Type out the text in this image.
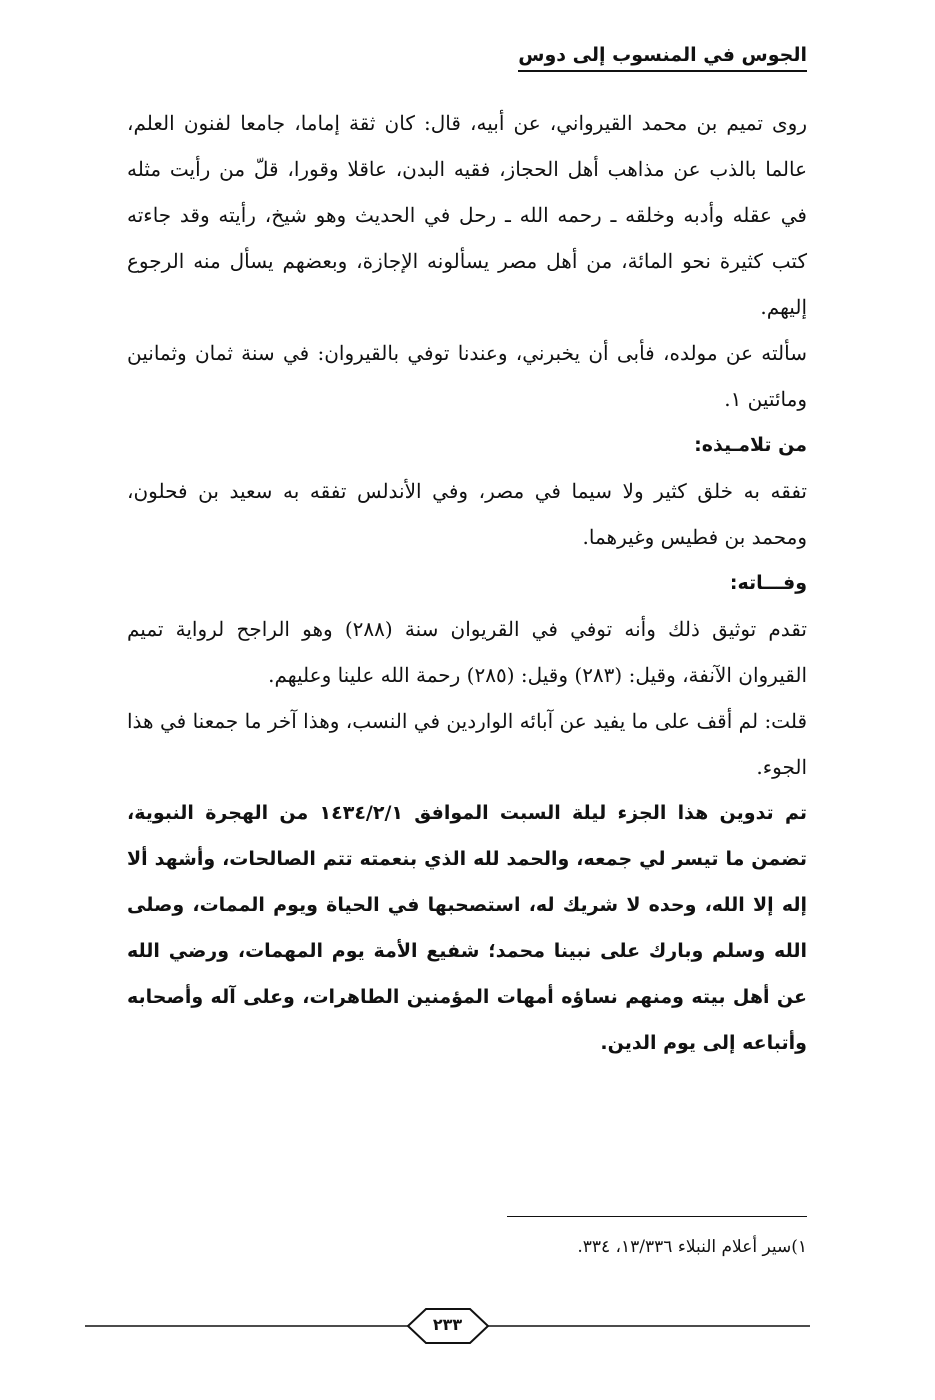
الجوس في المنسوب إلى دوس

روى تميم بن محمد القيرواني، عن أبيه، قال: كان ثقة إماما، جامعا لفنون العلم، عالما بالذب عن مذاهب أهل الحجاز، فقيه البدن، عاقلا وقورا، قلّ من رأيت مثله في عقله وأدبه وخلقه ـ رحمه الله ـ رحل في الحديث وهو شيخ، رأيته وقد جاءته كتب كثيرة نحو المائة، من أهل مصر يسألونه الإجازة، وبعضهم يسأل منه الرجوع إليهم.

سألته عن مولده، فأبى أن يخبرني، وعندنا توفي بالقيروان: في سنة ثمان وثمانين ومائتين ١.

من تلامـيذه:

تفقه به خلق كثير ولا سيما في مصر، وفي الأندلس تفقه به سعيد بن فحلون، ومحمد بن فطيس وغيرهما.

وفـــاته:

تقدم توثيق ذلك وأنه توفي في القريوان سنة (٢٨٨) وهو الراجح لرواية تميم القيروان الآنفة، وقيل: (٢٨٣) وقيل: (٢٨٥) رحمة الله علينا وعليهم.

قلت: لم أقف على ما يفيد عن آبائه الواردين في النسب، وهذا آخر ما جمعنا في هذا الجوء.

تم تدوين هذا الجزء ليلة السبت الموافق ١٤٣٤/٢/١ من الهجرة النبوية، تضمن ما تيسر لي جمعه، والحمد لله الذي بنعمته تتم الصالحات، وأشهد ألا إله إلا الله، وحده لا شريك له، استصحبها في الحياة ويوم الممات، وصلى الله وسلم وبارك على نبينا محمد؛ شفيع الأمة يوم المهمات، ورضي الله عن أهل بيته ومنهم نساؤه أمهات المؤمنين الطاهرات، وعلى آله وأصحابه وأتباعه إلى يوم الدين.

١)سير أعلام النبلاء ١٣/٣٣٦، ٣٣٤.
٢٣٣
